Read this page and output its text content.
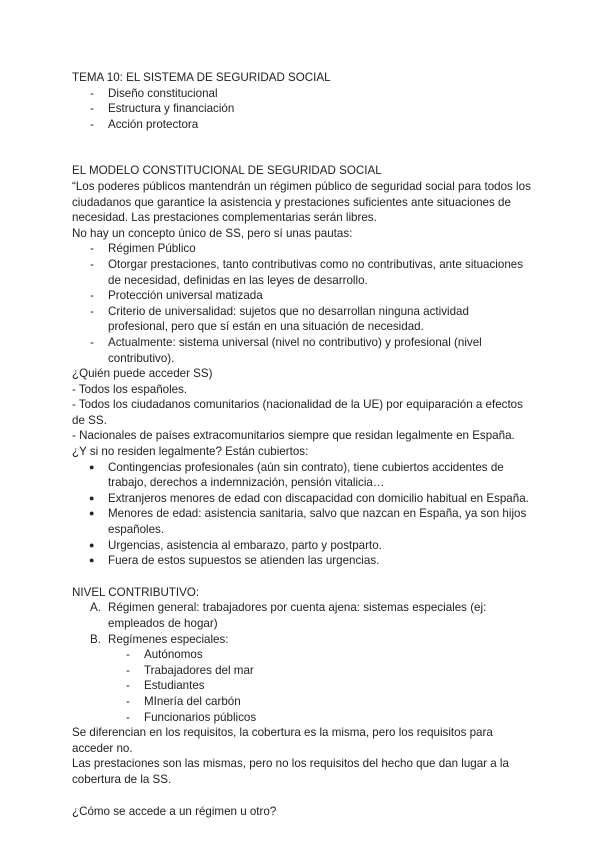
TEMA 10: EL SISTEMA DE SEGURIDAD SOCIAL

- Diseño constitucional
- Estructura y financiación
- Acción protectora

EL MODELO CONSTITUCIONAL DE SEGURIDAD SOCIAL

“Los poderes públicos mantendrán un régimen público de seguridad social para todos los ciudadanos que garantice la asistencia y prestaciones suficientes ante situaciones de necesidad. Las prestaciones complementarias serán libres.

No hay un concepto único de SS, pero sí unas pautas:

- Régimen Público
- Otorgar prestaciones, tanto contributivas como no contributivas, ante situaciones de necesidad, definidas en las leyes de desarrollo.
- Protección universal matizada
- Criterio de universalidad: sujetos que no desarrollan ninguna actividad profesional, pero que sí están en una situación de necesidad.
- Actualmente: sistema universal (nivel no contributivo) y profesional (nivel contributivo).

¿Quién puede acceder SS)

- Todos los españoles.

- Todos los ciudadanos comunitarios (nacionalidad de la UE) por equiparación a efectos de SS.

- Nacionales de países extracomunitarios siempre que residan legalmente en España. ¿Y si no residen legalmente? Están cubiertos:

● Contingencias profesionales (aún sin contrato), tiene cubiertos accidentes de trabajo, derechos a indemnización, pensión vitalicia…
● Extranjeros menores de edad con discapacidad con domicilio habitual en España.
● Menores de edad: asistencia sanitaria, salvo que nazcan en España, ya son hijos españoles.
● Urgencias, asistencia al embarazo, parto y postparto.
● Fuera de estos supuestos se atienden las urgencias.

NIVEL CONTRIBUTIVO:

A. Régimen general: trabajadores por cuenta ajena: sistemas especiales (ej: empleados de hogar)
B. Regímenes especiales:
- Autónomos
- Trabajadores del mar
- Estudiantes
- MInería del carbón
- Funcionarios públicos

Se diferencian en los requisitos, la cobertura es la misma, pero los requisitos para acceder no.

Las prestaciones son las mismas, pero no los requisitos del hecho que dan lugar a la cobertura de la SS.

¿Cómo se accede a un régimen u otro?
